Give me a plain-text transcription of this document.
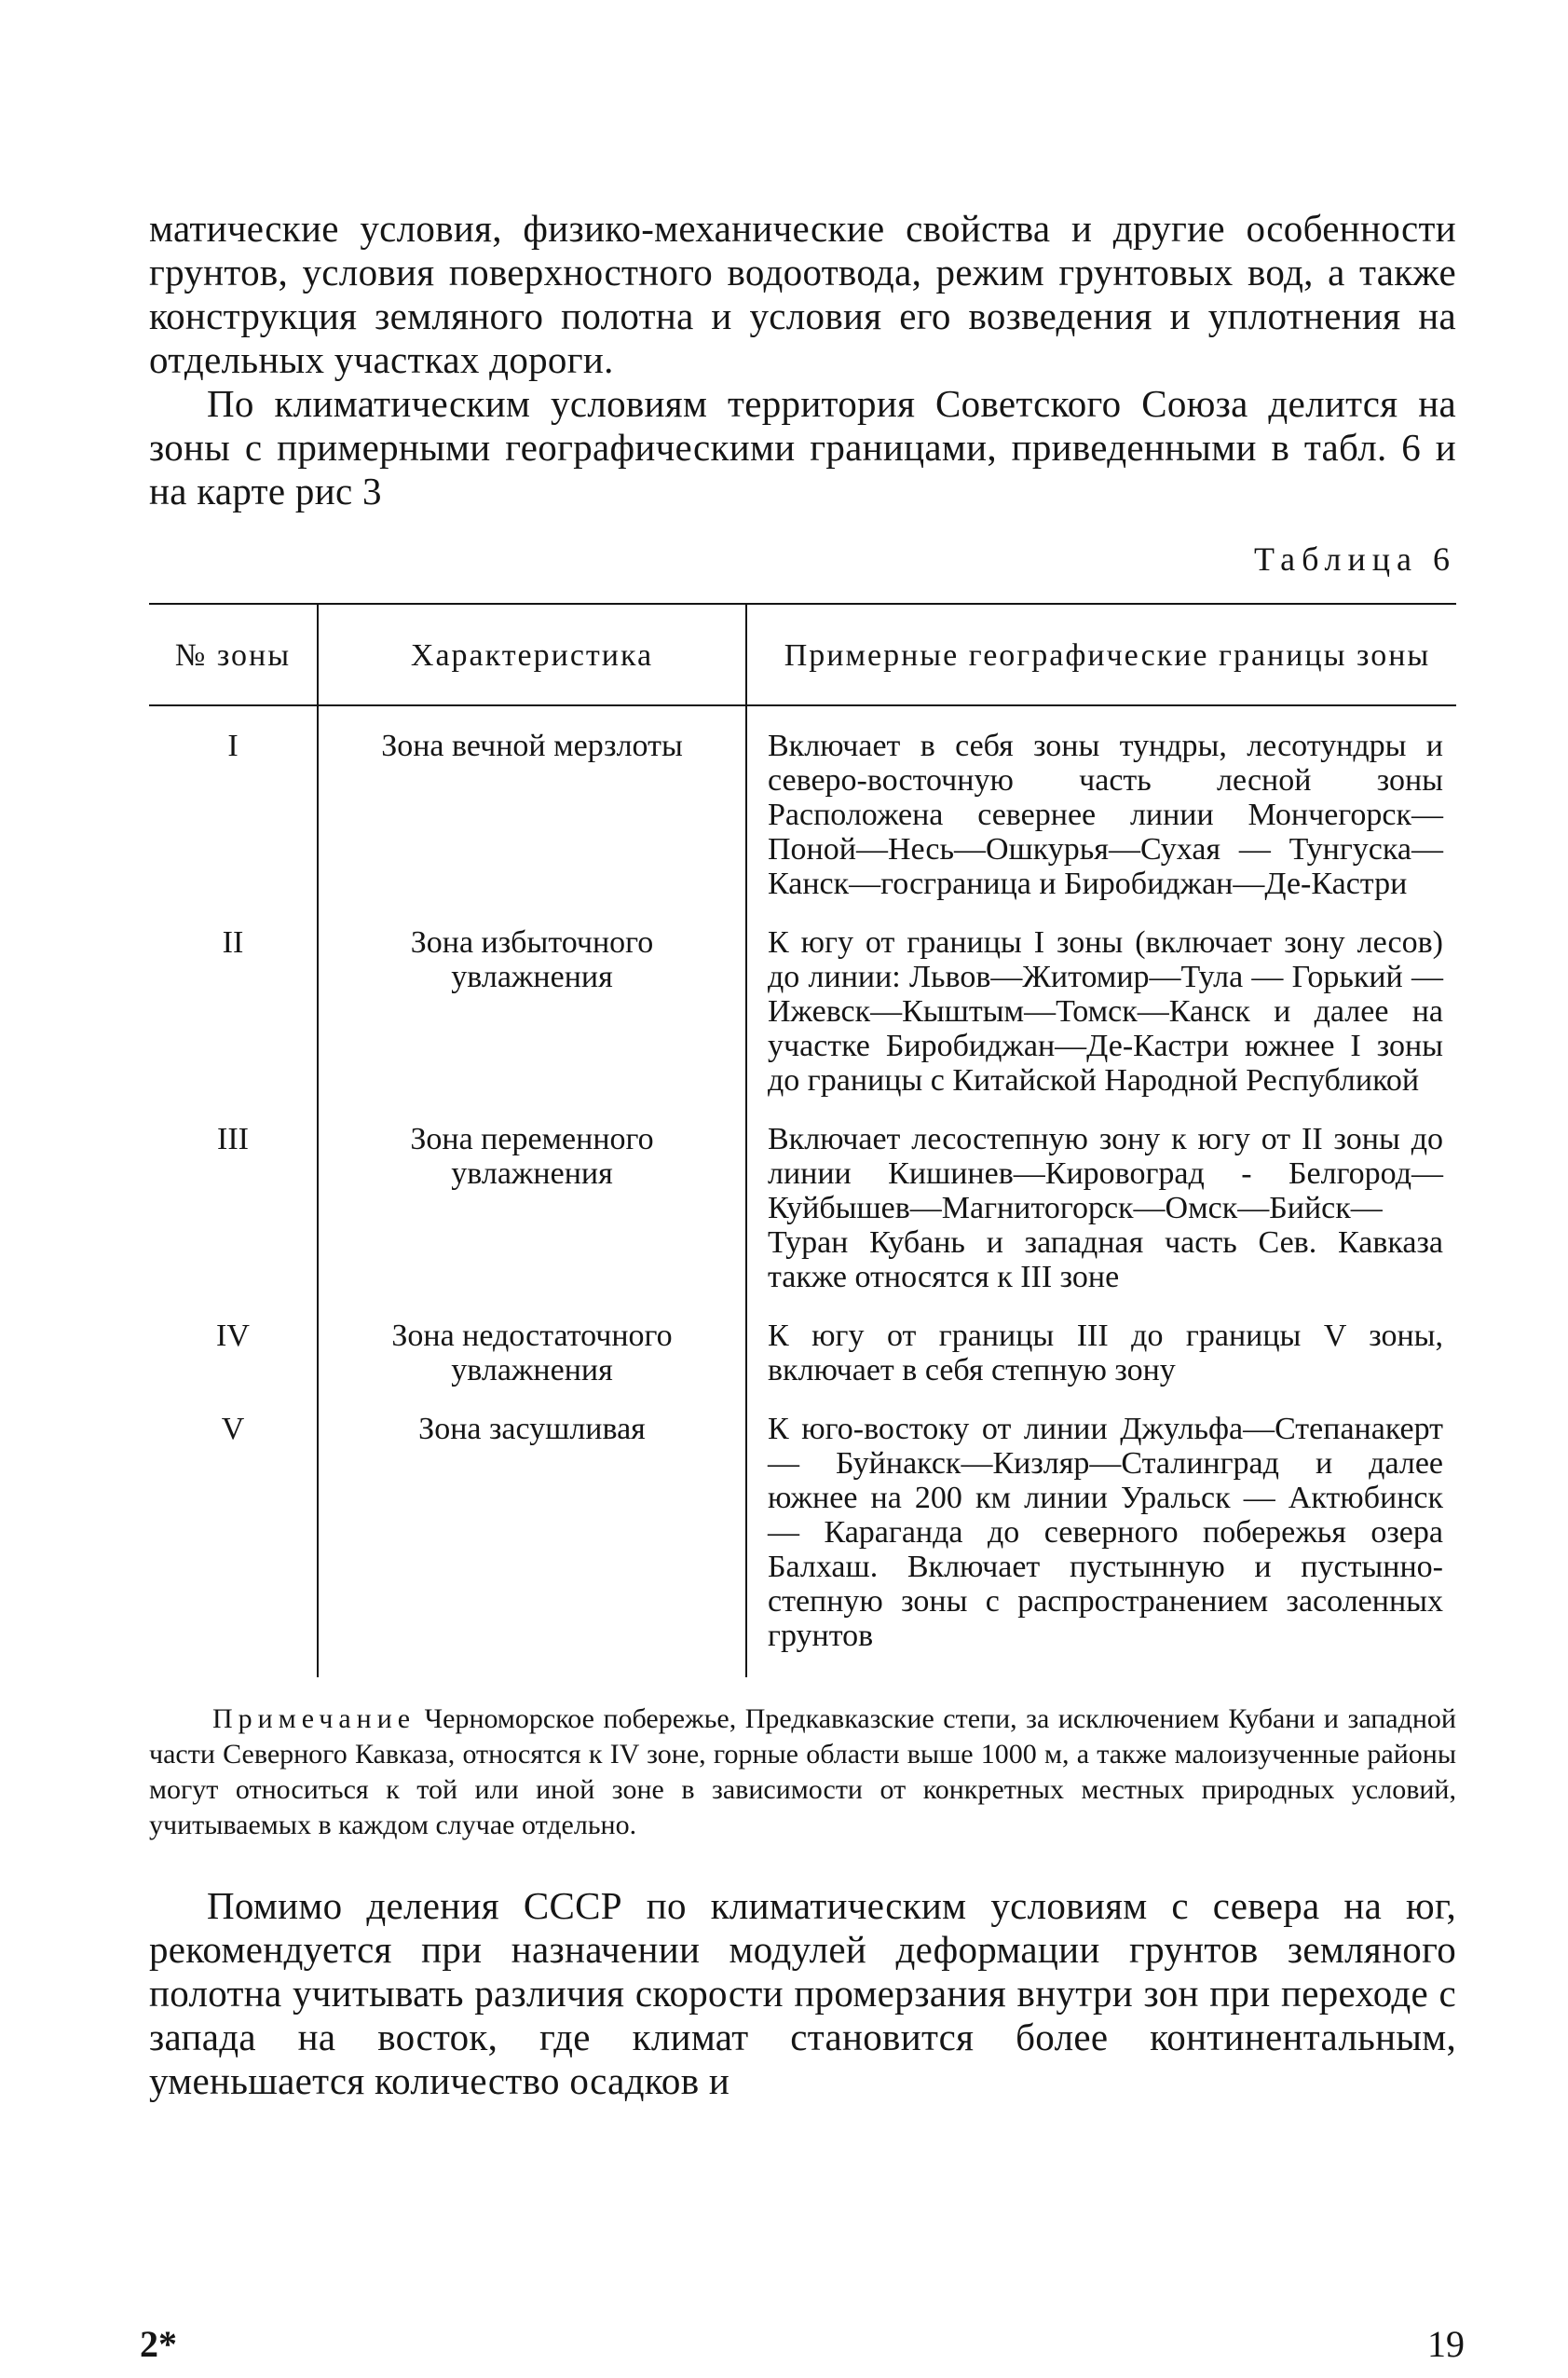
матические условия, физико-механические свойства и другие особенности грунтов, условия поверхностного водоотвода, режим грунтовых вод, а также конструкция земляного полотна и условия его возведения и уплотнения на отдельных участках дороги.

По климатическим условиям территория Советского Союза делится на зоны с примерными географическими границами, приведенными в табл. 6 и на карте рис 3

Таблица 6
№ зоны	Характеристика	Примерные географические границы зоны
I	Зона вечной мерзлоты	Включает в себя зоны тундры, лесотундры и северо-восточную часть лесной зоны Расположена севернее линии Мончегорск—Поной—Несь—Ошкурья—Сухая — Тунгуска—Канск—госграница и Биробиджан—Де-Кастри
II	Зона избыточного увлажнения	К югу от границы I зоны (включает зону лесов) до линии: Львов—Житомир—Тула — Горький — Ижевск—Кыштым—Томск—Канск и далее на участке Биробиджан—Де-Кастри южнее I зоны до границы с Китайской Народной Республикой
III	Зона переменного увлажнения	Включает лесостепную зону к югу от II зоны до линии Кишинев—Кировоград - Белгород—Куйбышев—Магнитогорск—Омск—Бийск—Туран Кубань и западная часть Сев. Кавказа также относятся к III зоне
IV	Зона недостаточного увлажнения	К югу от границы III до границы V зоны, включает в себя степную зону
V	Зона засушливая	К юго-востоку от линии Джульфа—Степанакерт— Буйнакск—Кизляр—Сталинград и далее южнее на 200 км линии Уральск — Актюбинск — Караганда до северного побережья озера Балхаш. Включает пустынную и пустынно-степную зоны с распространением засоленных грунтов

Примечание Черноморское побережье, Предкавказские степи, за исключением Кубани и западной части Северного Кавказа, относятся к IV зоне, горные области выше 1000 м, а также малоизученные районы могут относиться к той или иной зоне в зависимости от конкретных местных природных условий, учитываемых в каждом случае отдельно.

Помимо деления СССР по климатическим условиям с севера на юг, рекомендуется при назначении модулей деформации грунтов земляного полотна учитывать различия скорости промерзания внутри зон при переходе с запада на восток, где климат становится более континентальным, уменьшается количество осадков и

2*	19
